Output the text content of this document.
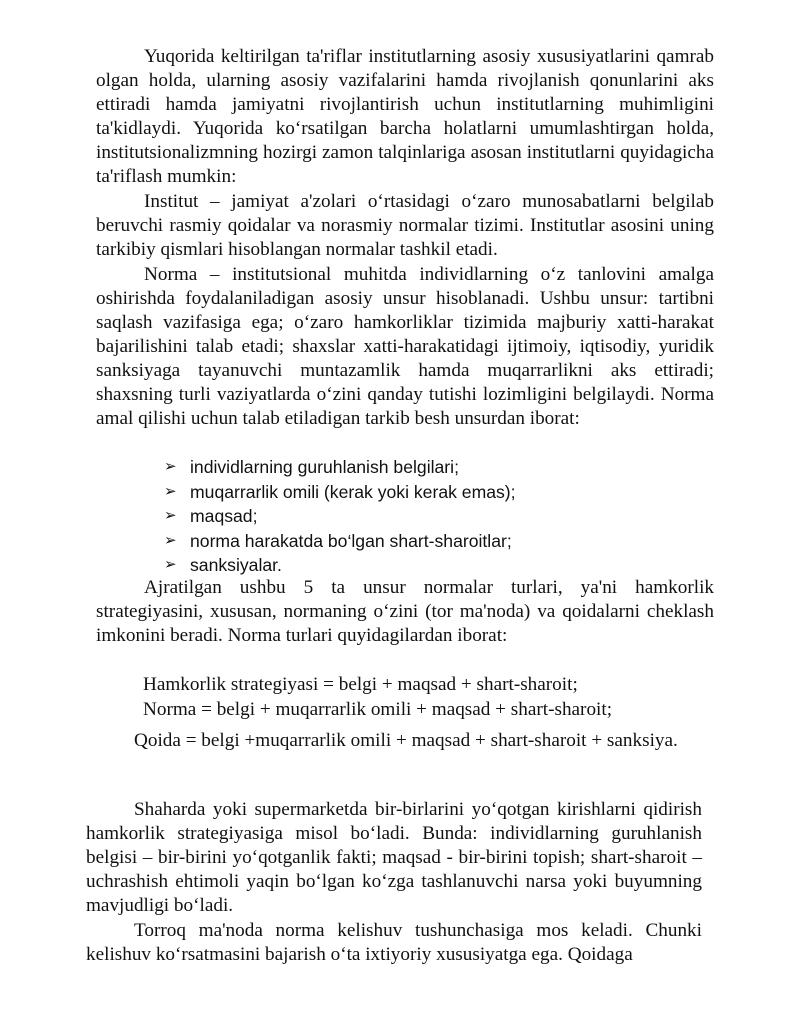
Yuqorida keltirilgan ta'riflar institutlarning asosiy xususiyatlarini qamrab olgan holda, ularning asosiy vazifalarini hamda rivojlanish qonunlarini aks ettiradi hamda jamiyatni rivojlantirish uchun institutlarning muhimligini ta'kidlaydi. Yuqorida ko‘rsatilgan barcha holatlarni umumlashtirgan holda, institutsionalizmning hozirgi zamon talqinlariga asosan institutlarni quyidagicha ta'riflash mumkin:

Institut – jamiyat a'zolari o‘rtasidagi o‘zaro munosabatlarni belgilab beruvchi rasmiy qoidalar va norasmiy normalar tizimi. Institutlar asosini uning tarkibiy qismlari hisoblangan normalar tashkil etadi.

Norma – institutsional muhitda individlarning o‘z tanlovini amalga oshirishda foydalaniladigan asosiy unsur hisoblanadi. Ushbu unsur: tartibni saqlash vazifasiga ega; o‘zaro hamkorliklar tizimida majburiy xatti-harakat bajarilishini talab etadi; shaxslar xatti-harakatidagi ijtimoiy, iqtisodiy, yuridik sanksiyaga tayanuvchi muntazamlik hamda muqarrarlikni aks ettiradi; shaxsning turli vaziyatlarda o‘zini qanday tutishi lozimligini belgilaydi. Norma amal qilishi uchun talab etiladigan tarkib besh unsurdan iborat:

➢ individlarning guruhlanish belgilari;
➢ muqarrarlik omili (kerak yoki kerak emas);
➢ maqsad;
➢ norma harakatda bo‘lgan shart-sharoitlar;
➢ sanksiyalar.

Ajratilgan ushbu 5 ta unsur normalar turlari, ya'ni hamkorlik strategiyasini, xususan, normaning o‘zini (tor ma'noda) va qoidalarni cheklash imkonini beradi. Norma turlari quyidagilardan iborat:

Hamkorlik strategiyasi = belgi + maqsad + shart-sharoit;

Norma = belgi + muqarrarlik omili + maqsad + shart-sharoit;

Qoida = belgi +muqarrarlik omili + maqsad + shart-sharoit + sanksiya.

Shaharda yoki supermarketda bir-birlarini yo‘qotgan kirishlarni qidirish hamkorlik strategiyasiga misol bo‘ladi. Bunda: individlarning guruhlanish belgisi – bir-birini yo‘qotganlik fakti; maqsad - bir-birini topish; shart-sharoit – uchrashish ehtimoli yaqin bo‘lgan ko‘zga tashlanuvchi narsa yoki buyumning mavjudligi bo‘ladi.

Torroq ma'noda norma kelishuv tushunchasiga mos keladi. Chunki kelishuv ko‘rsatmasini bajarish o‘ta ixtiyoriy xususiyatga ega. Qoidaga
